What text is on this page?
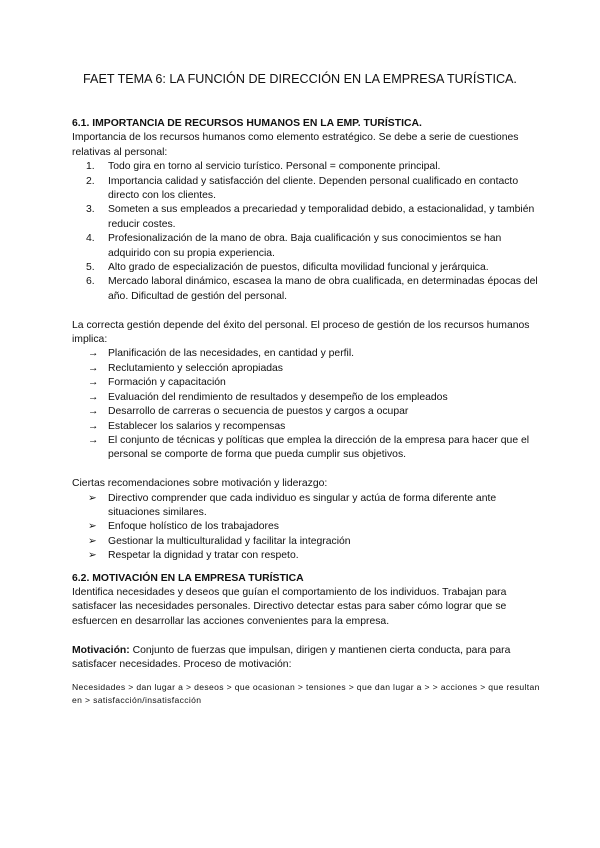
FAET TEMA 6: LA FUNCIÓN DE DIRECCIÓN EN LA EMPRESA TURÍSTICA.
6.1. IMPORTANCIA DE RECURSOS HUMANOS EN LA EMP. TURÍSTICA.

Importancia de los recursos humanos como elemento estratégico. Se debe a serie de cuestiones relativas al personal:

1. Todo gira en torno al servicio turístico. Personal = componente principal.
2. Importancia calidad y satisfacción del cliente. Dependen personal cualificado en contacto directo con los clientes.
3. Someten a sus empleados a precariedad y temporalidad debido, a estacionalidad, y también reducir costes.
4. Profesionalización de la mano de obra. Baja cualificación y sus conocimientos se han adquirido con su propia experiencia.
5. Alto grado de especialización de puestos, dificulta movilidad funcional y jerárquica.
6. Mercado laboral dinámico, escasea la mano de obra cualificada, en determinadas épocas del año. Dificultad de gestión del personal.

La correcta gestión depende del éxito del personal. El proceso de gestión de los recursos humanos implica:

→ Planificación de las necesidades, en cantidad y perfil.
→ Reclutamiento y selección apropiadas
→ Formación y capacitación
→ Evaluación del rendimiento de resultados y desempeño de los empleados
→ Desarrollo de carreras o secuencia de puestos y cargos a ocupar
→ Establecer los salarios y recompensas
→ El conjunto de técnicas y políticas que emplea la dirección de la empresa para hacer que el personal se comporte de forma que pueda cumplir sus objetivos.

Ciertas recomendaciones sobre motivación y liderazgo:

➢ Directivo comprender que cada individuo es singular y actúa de forma diferente ante situaciones similares.
➢ Enfoque holístico de los trabajadores
➢ Gestionar la multiculturalidad y facilitar la integración
➢ Respetar la dignidad y tratar con respeto.
6.2. MOTIVACIÓN EN LA EMPRESA TURÍSTICA

Identifica necesidades y deseos que guían el comportamiento de los individuos. Trabajan para satisfacer las necesidades personales. Directivo detectar estas para saber cómo lograr que se esfuercen en desarrollar las acciones convenientes para la empresa.

Motivación: Conjunto de fuerzas que impulsan, dirigen y mantienen cierta conducta, para para satisfacer necesidades. Proceso de motivación:

Necesidades > dan lugar a > deseos > que ocasionan > tensiones > que dan lugar a > > acciones > que resultan en > satisfacción/insatisfacción
